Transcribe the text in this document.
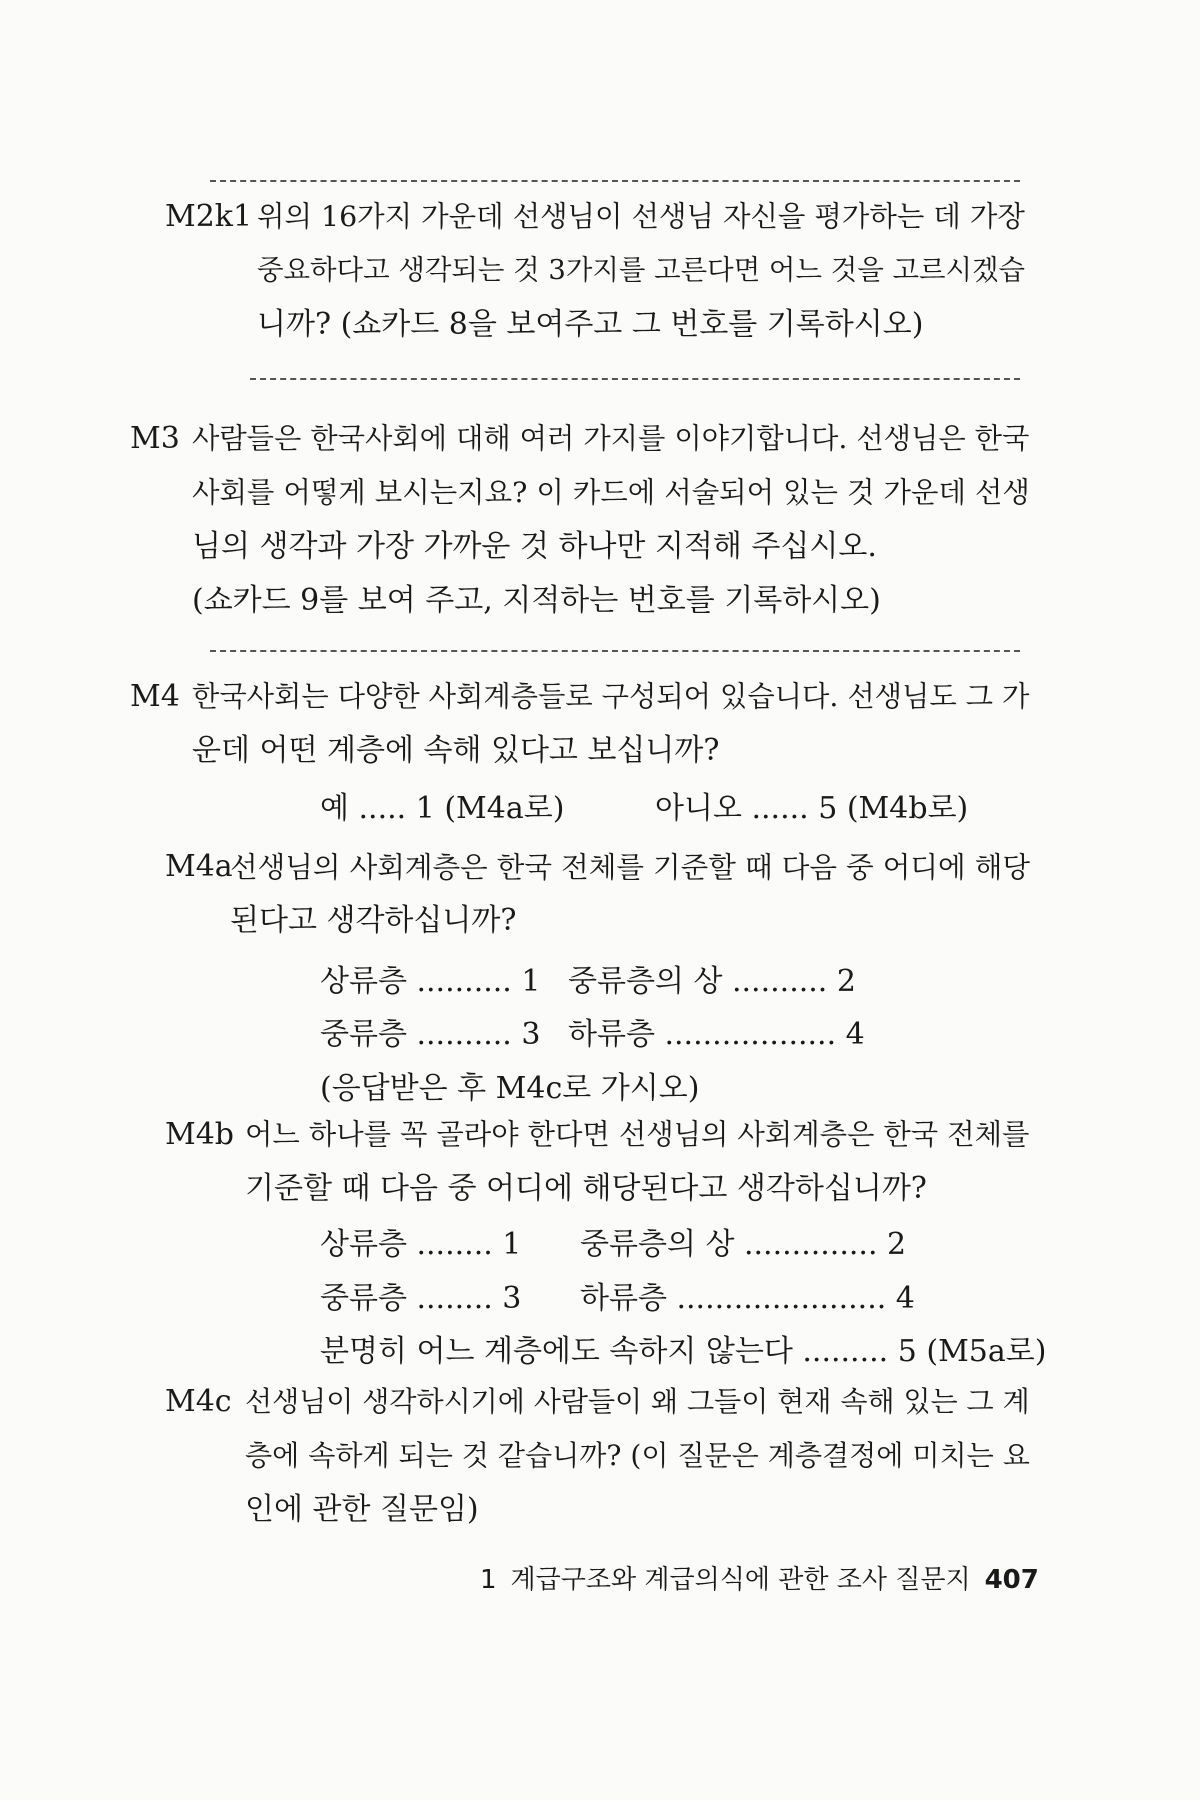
M2k1 위의 16가지 가운데 선생님이 선생님 자신을 평가하는 데 가장
중요하다고 생각되는 것 3가지를 고른다면 어느 것을 고르시겠습
니까? (쇼카드 8을 보여주고 그 번호를 기록하시오)
M3 사람들은 한국사회에 대해 여러 가지를 이야기합니다. 선생님은 한국
사회를 어떻게 보시는지요? 이 카드에 서술되어 있는 것 가운데 선생
님의 생각과 가장 가까운 것 하나만 지적해 주십시오.
(쇼카드 9를 보여 주고, 지적하는 번호를 기록하시오)
M4 한국사회는 다양한 사회계층들로 구성되어 있습니다. 선생님도 그 가
운데 어떤 계층에 속해 있다고 보십니까?
예 ..... 1 (M4a로)	아니오 ...... 5 (M4b로)
M4a
선생님의 사회계층은 한국 전체를 기준할 때 다음 중 어디에 해당
된다고 생각하십니까?
상류층 .......... 1 중류층의 상 .......... 2
중류층 .......... 3 하류층 .................. 4
(응답받은 후 M4c로 가시오)
M4b 어느 하나를 꼭 골라야 한다면 선생님의 사회계층은 한국 전체를
기준할 때 다음 중 어디에 해당된다고 생각하십니까?
상류층 ........ 1 중류층의 상 .............. 2
중류층 ........ 3 하류층 ...................... 4
분명히 어느 계층에도 속하지 않는다 ......... 5 (M5a로)
M4c 선생님이 생각하시기에 사람들이 왜 그들이 현재 속해 있는 그 계
층에 속하게 되는 것 같습니까? (이 질문은 계층결정에 미치는 요
인에 관한 질문임)
1 계급구조와 계급의식에 관한 조사 질문지 407
